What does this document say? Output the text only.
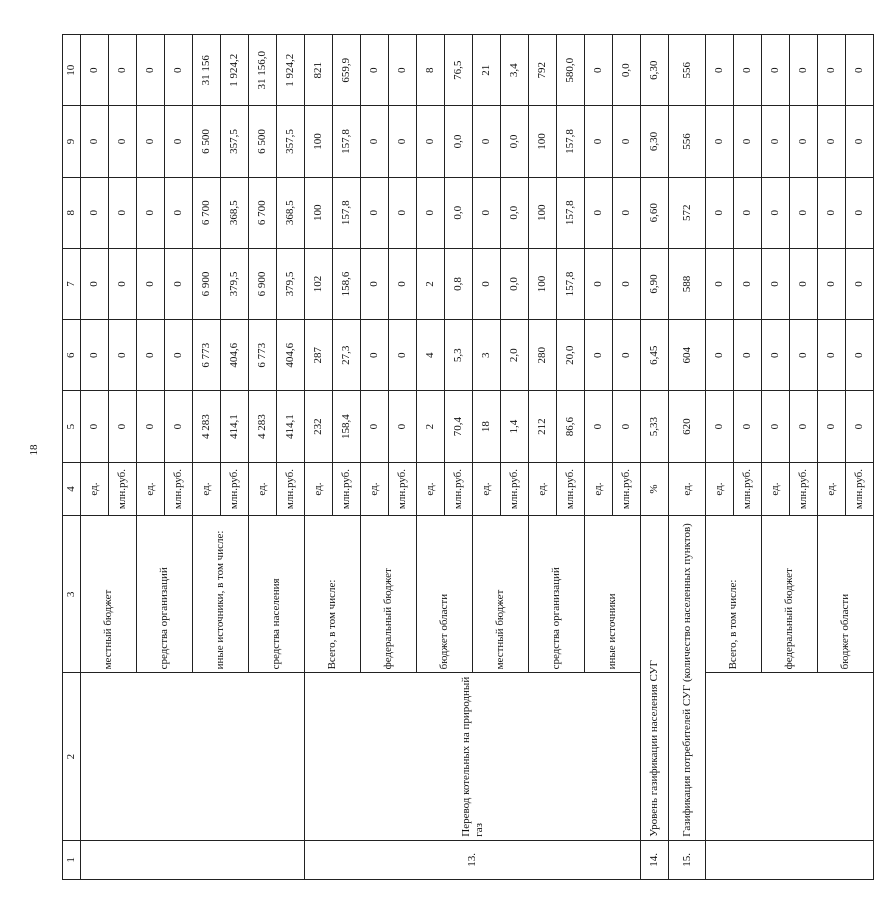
18
1	2	3	4	5	6	7	8	9	10
		местный бюджет	ед.	0	0	0	0	0	0
			млн.руб.	0	0	0	0	0	0
		средства организаций	ед.	0	0	0	0	0	0
			млн.руб.	0	0	0	0	0	0
		иные источники, в том числе:	ед.	4 283	6 773	6 900	6 700	6 500	31 156
			млн.руб.	414,1	404,6	379,5	368,5	357,5	1 924,2
		средства населения	ед.	4 283	6 773	6 900	6 700	6 500	31 156,0
			млн.руб.	414,1	404,6	379,5	368,5	357,5	1 924,2
13.	Перевод котельных на природный газ	Всего, в том числе:	ед.	232	287	102	100	100	821
			млн.руб.	158,4	27,3	158,6	157,8	157,8	659,9
		федеральный бюджет	ед.	0	0	0	0	0	0
			млн.руб.	0	0	0	0	0	0
		бюджет области	ед.	2	4	2	0	0	8
			млн.руб.	70,4	5,3	0,8	0,0	0,0	76,5
		местный бюджет	ед.	18	3	0	0	0	21
			млн.руб.	1,4	2,0	0,0	0,0	0,0	3,4
		средства организаций	ед.	212	280	100	100	100	792
			млн.руб.	86,6	20,0	157,8	157,8	157,8	580,0
		иные источники	ед.	0	0	0	0	0	0
			млн.руб.	0	0	0	0	0	0,0
14.	Уровень газификации населения СУГ		%	5,33	6,45	6,90	6,60	6,30	6,30
15.	Газификация потребителей СУГ (количество населенных пунктов)		ед.	620	604	588	572	556	556
		Всего, в том числе:	ед.	0	0	0	0	0	0
			млн.руб.	0	0	0	0	0	0
		федеральный бюджет	ед.	0	0	0	0	0	0
			млн.руб.	0	0	0	0	0	0
		бюджет области	ед.	0	0	0	0	0	0
			млн.руб.	0	0	0	0	0	0
